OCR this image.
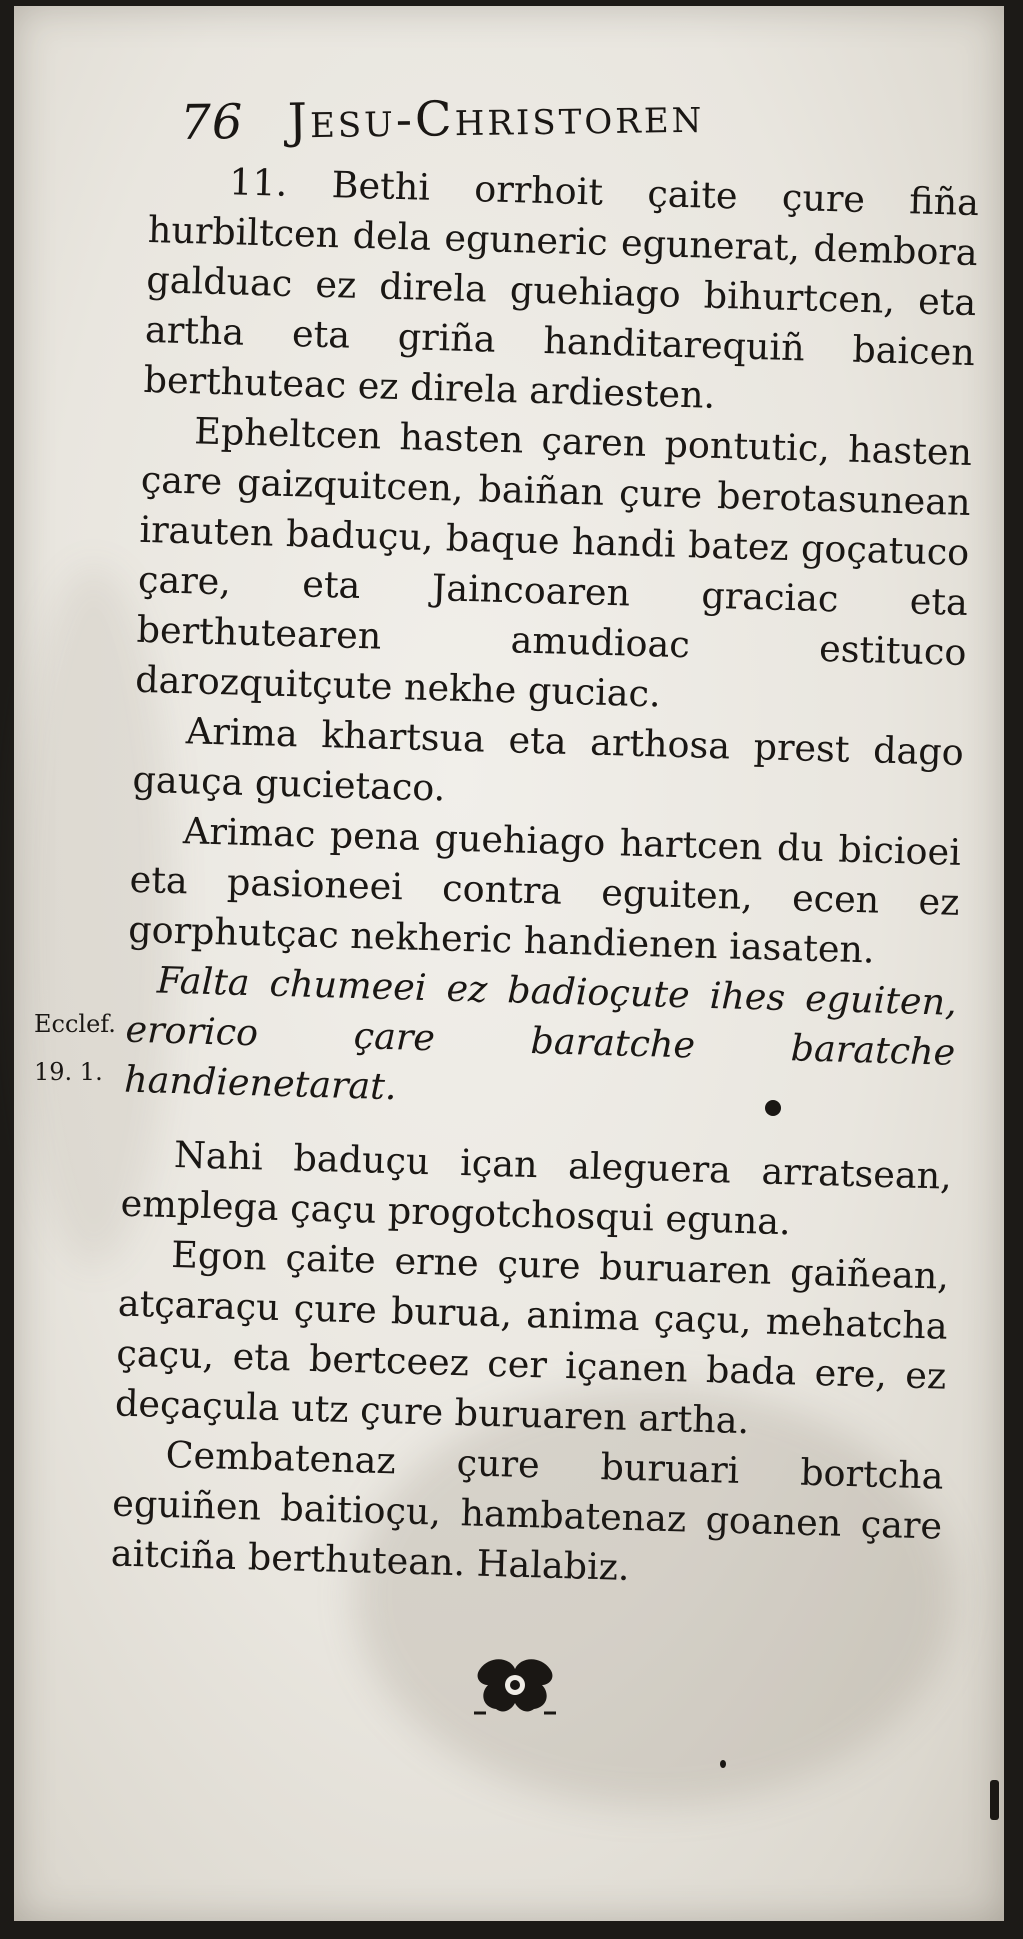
76 Jesu-Christoren

11. Bethi orrhoit çaite çure fiña hurbiltcen dela eguneric egunerat, dembora galduac ez direla guehiago bihurtcen, eta artha eta griña handitarequiñ baicen berthuteac ez direla ardiesten.

Epheltcen hasten çaren pontutic, hasten çare gaizquitcen, baiñan çure berotasunean irauten baduçu, baque handi batez goçatuco çare, eta Jaincoaren graciac eta berthutearen amudioac estituco darozquitçute nekhe guciac.

Arima khartsua eta arthosa prest dago gauça gucietaco.

Arimac pena guehiago hartcen du bicioei eta pasioneei contra eguiten, ecen ez gorphutçac nekheric handienen iasaten.

Falta chumeei ez badioçute ihes eguiten, erorico çare baratche baratche handienetarat.

Nahi baduçu içan aleguera arratsean, emplega çaçu progotchosqui eguna.

Egon çaite erne çure buruaren gaiñean, atçaraçu çure burua, anima çaçu, mehatcha çaçu, eta bertceez cer içanen bada ere, ez deçaçula utz çure buruaren artha.

Cembatenaz çure buruari bortcha eguiñen baitioçu, hambatenaz goanen çare aitciña berthutean. Halabiz.

Ecclef.
19. 1.
